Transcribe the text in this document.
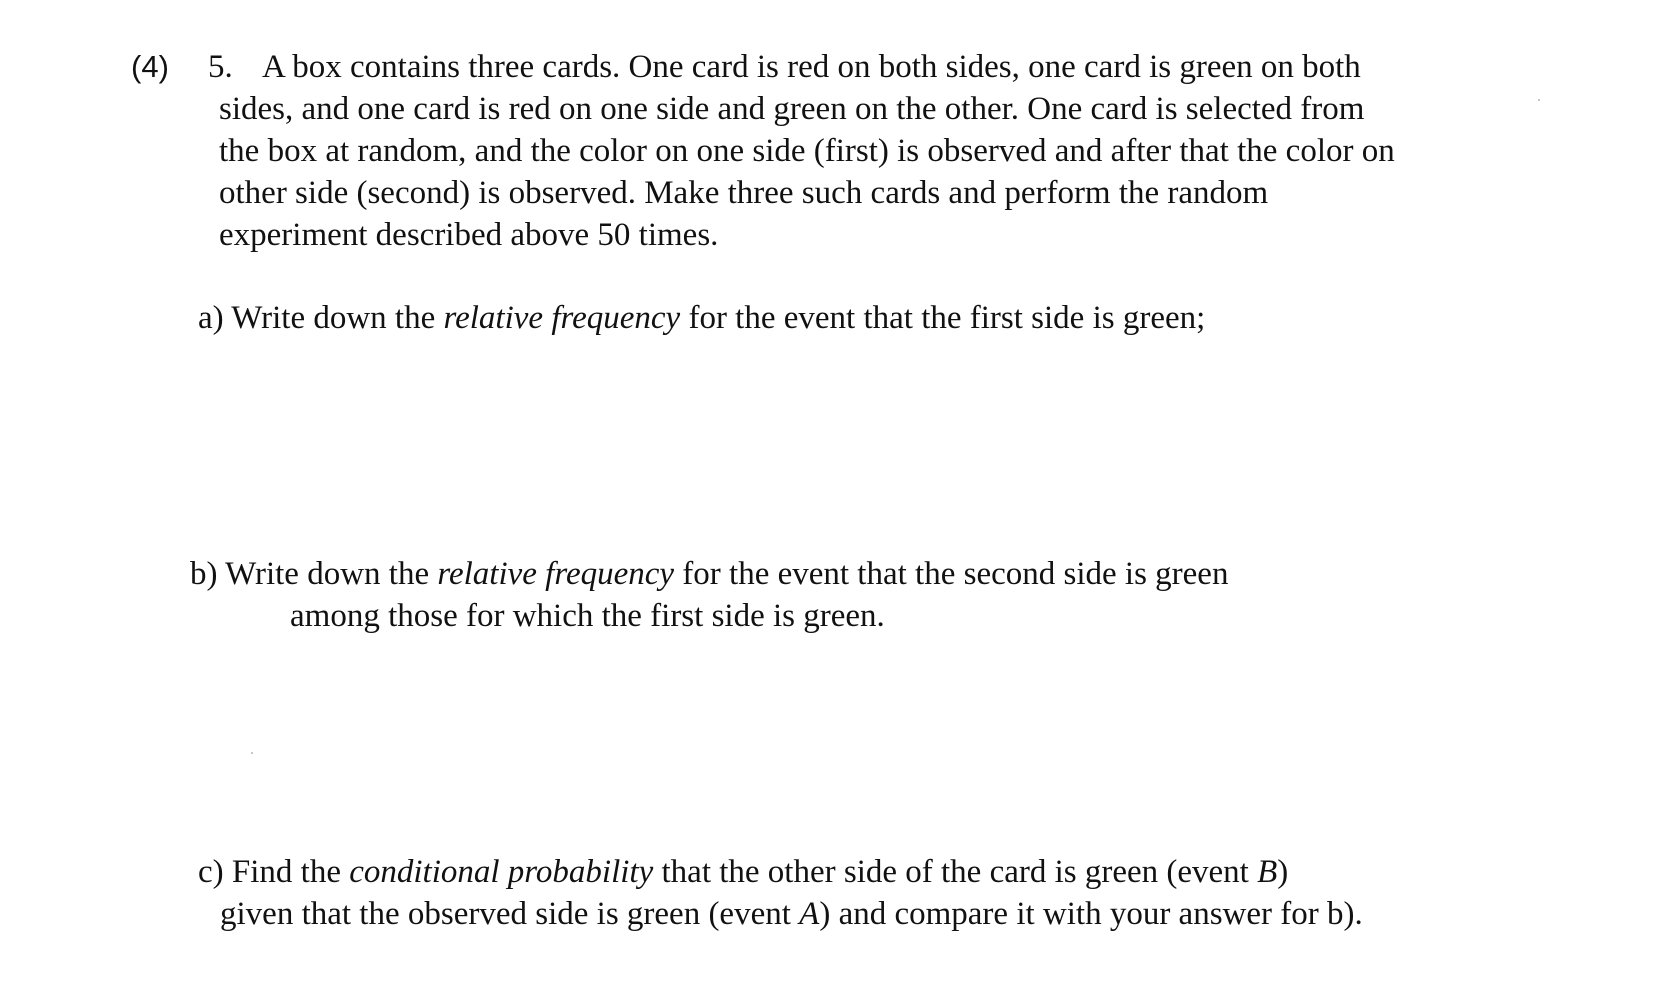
(4) 5. A box contains three cards. One card is red on both sides, one card is green on both
sides, and one card is red on one side and green on the other. One card is selected from
the box at random, and the color on one side (first) is observed and after that the color on
other side (second) is observed. Make three such cards and perform the random
experiment described above 50 times.
a) Write down the relative frequency for the event that the first side is green;
b) Write down the relative frequency for the event that the second side is green
among those for which the first side is green.
c) Find the conditional probability that the other side of the card is green (event B)
given that the observed side is green (event A) and compare it with your answer for b).
